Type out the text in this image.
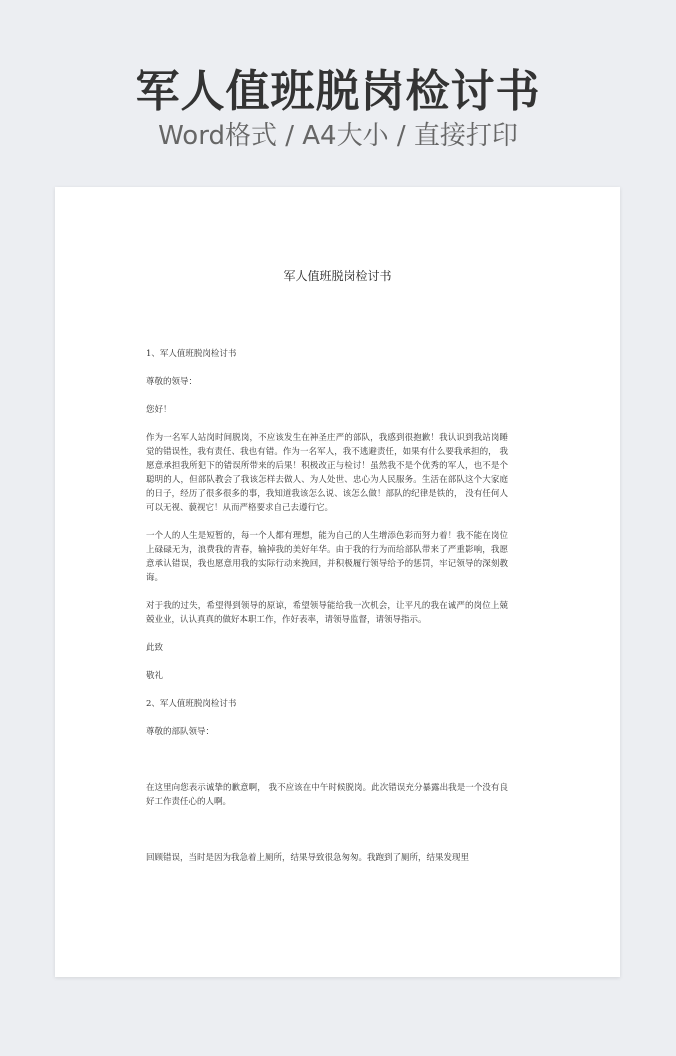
军人值班脱岗检讨书
Word格式 / A4大小 / 直接打印
军人值班脱岗检讨书

1、军人值班脱岗检讨书

尊敬的领导：

您好！

作为一名军人站岗时间脱岗，不应该发生在神圣庄严的部队，我感到很抱歉！我认识到我站岗睡觉的错误性，我有责任、我也有错。作为一名军人，我不逃避责任，如果有什么要我承担的， 我愿意承担我所犯下的错误所带来的后果！积极改正与检讨！虽然我不是个优秀的军人，也不是个聪明的人，但部队教会了我该怎样去做人、为人处世、忠心为人民服务。生活在部队这个大家庭的日子，经历了很多很多的事，我知道我该怎么说、该怎么做！部队的纪律是铁的， 没有任何人可以无视、藐视它！从而严格要求自己去遵行它。

一个人的人生是短暂的，每一个人都有理想，能为自己的人生增添色彩而努力着！我不能在岗位上碌碌无为，浪费我的青春，输掉我的美好年华。由于我的行为而给部队带来了严重影响，我愿意承认错误，我也愿意用我的实际行动来挽回，并积极履行领导给予的惩罚，牢记领导的深刻教诲。

对于我的过失，希望得到领导的原谅，希望领导能给我一次机会，让平凡的我在诚严的岗位上兢兢业业，认认真真的做好本职工作，作好表率，请领导监督，请领导指示。

此致

敬礼

2、军人值班脱岗检讨书

尊敬的部队领导：

在这里向您表示诚挚的歉意啊， 我不应该在中午时候脱岗。此次错误充分暴露出我是一个没有良好工作责任心的人啊。

回顾错误，当时是因为我急着上厕所，结果导致很急匆匆。我跑到了厕所，结果发现里
